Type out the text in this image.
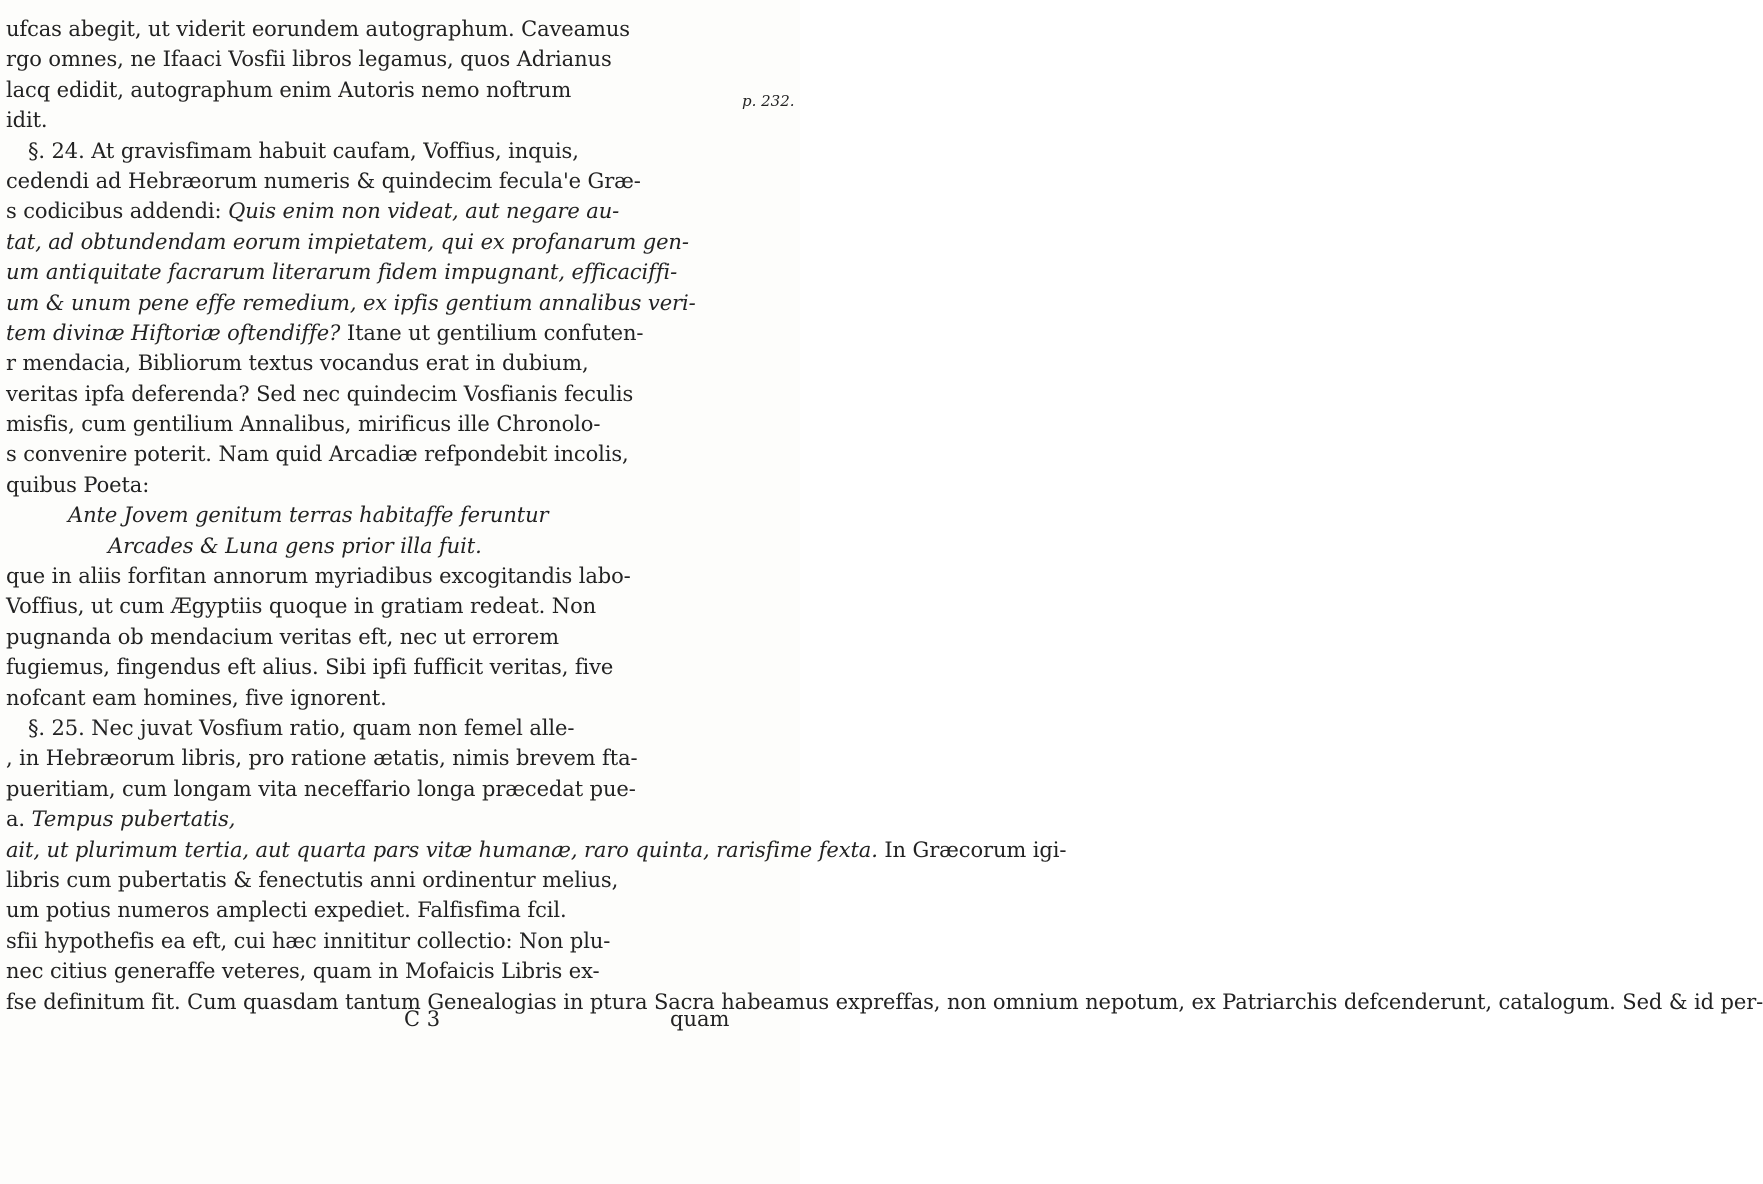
ufcas abegit, ut viderit eorundem autographum. Caveamus
rgo omnes, ne Ifaaci Vosfii libros legamus, quos Adrianus
lacq edidit, autographum enim Autoris nemo noftrum
idit.
§. 24. At gravisfimam habuit caufam, Voffius, inquis,
cedendi ad Hebræorum numeris & quindecim fecula'e Græ-
s codicibus addendi: Quis enim non videat, aut negare au-
tat, ad obtundendam eorum impietatem, qui ex profanarum gen-
um antiquitate facrarum literarum fidem impugnant, efficaciffi-
um & unum pene effe remedium, ex ipfis gentium annalibus veri-
tem divinæ Hiftoriæ oftendiffe? Itane ut gentilium confuten-
r mendacia, Bibliorum textus vocandus erat in dubium,
veritas ipfa deferenda? Sed nec quindecim Vosfianis feculis
misfis, cum gentilium Annalibus, mirificus ille Chronolo-
s convenire poterit. Nam quid Arcadiæ refpondebit incolis,
quibus Poeta:
Ante Jovem genitum terras habitaffe feruntur
Arcades & Luna gens prior illa fuit.
que in aliis forfitan annorum myriadibus excogitandis labo-
Voffius, ut cum Ægyptiis quoque in gratiam redeat. Non
pugnanda ob mendacium veritas eft, nec ut errorem
fugiemus, fingendus eft alius. Sibi ipfi fufficit veritas, five
nofcant eam homines, five ignorent.
§. 25. Nec juvat Vosfium ratio, quam non femel alle-
, in Hebræorum libris, pro ratione ætatis, nimis brevem fta-
pueritiam, cum longam vita neceffario longa præcedat pue-
a. Tempus pubertatis,
ait, ut plurimum tertia, aut quarta pars vitæ humanæ, raro quinta, rarisfime fexta. In Græcorum igi-
libris cum pubertatis & fenectutis anni ordinentur melius,
um potius numeros amplecti expediet. Falfisfima fcil.
sfii hypothefis ea eft, cui hæc innititur collectio: Non plu-
nec citius generaffe veteres, quam in Mofaicis Libris ex-
fse definitum fit. Cum quasdam tantum Genealogias in ptura Sacra habeamus expreffas, non omnium nepotum, ex Patriarchis defcenderunt, catalogum. Sed & id per-
p. 232.
C 3	quam
